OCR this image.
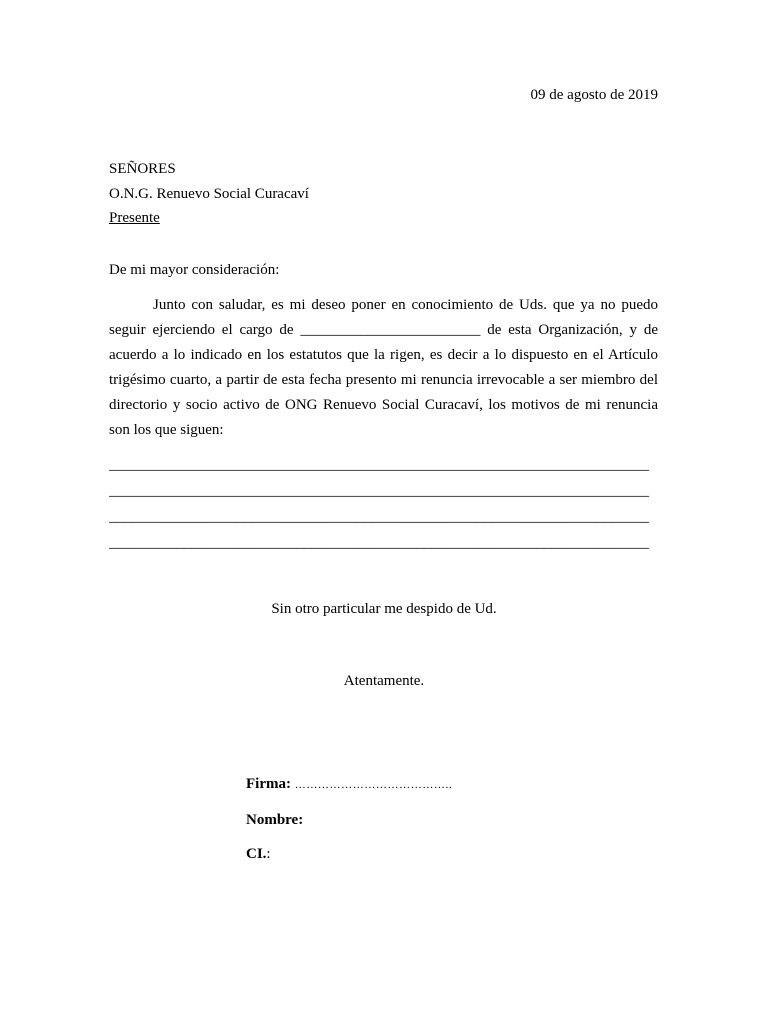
09 de agosto de 2019
SEÑORES
O.N.G. Renuevo Social Curacaví
Presente
De mi mayor consideración:
Junto con saludar, es mi deseo poner en conocimiento de Uds. que ya no puedo seguir ejerciendo el cargo de ________________________ de esta Organización, y de acuerdo a lo indicado en los estatutos que la rigen, es decir a lo dispuesto en el Artículo trigésimo cuarto, a partir de esta fecha presento mi renuncia irrevocable a ser miembro del directorio y socio activo de ONG Renuevo Social Curacaví, los motivos de mi renuncia son los que siguen:
________________________________________________________________________
________________________________________________________________________
________________________________________________________________________
________________________________________________________________________
Sin otro particular me despido de Ud.
Atentamente.
Firma: …………………………………..
Nombre:
CI.:
